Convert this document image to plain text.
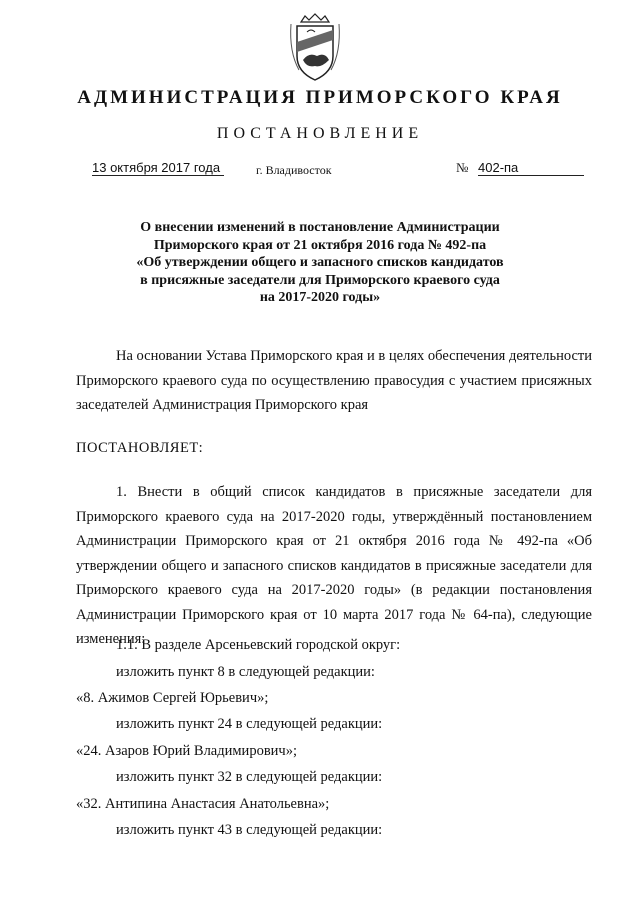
АДМИНИСТРАЦИЯ ПРИМОРСКОГО КРАЯ
ПОСТАНОВЛЕНИЕ
13 октября 2017 года	г. Владивосток	№ 402-па
О внесении изменений в постановление Администрации
Приморского края от 21 октября 2016 года № 492-па
«Об утверждении общего и запасного списков кандидатов
в присяжные заседатели для Приморского краевого суда
на 2017-2020 годы»
На основании Устава Приморского края и в целях обеспечения деятельности Приморского краевого суда по осуществлению правосудия с участием присяжных заседателей Администрация Приморского края
ПОСТАНОВЛЯЕТ:
1. Внести в общий список кандидатов в присяжные заседатели для Приморского краевого суда на 2017-2020 годы, утверждённый постановлением Администрации Приморского края от 21 октября 2016 года № 492-па «Об утверждении общего и запасного списков кандидатов в присяжные заседатели для Приморского краевого суда на 2017-2020 годы» (в редакции постановления Администрации Приморского края от 10 марта 2017 года № 64-па), следующие изменения:
1.1. В разделе Арсеньевский городской округ:
изложить пункт 8 в следующей редакции:
«8. Ажимов Сергей Юрьевич»;
изложить пункт 24 в следующей редакции:
«24. Азаров Юрий Владимирович»;
изложить пункт 32 в следующей редакции:
«32. Антипина Анастасия Анатольевна»;
изложить пункт 43 в следующей редакции:
